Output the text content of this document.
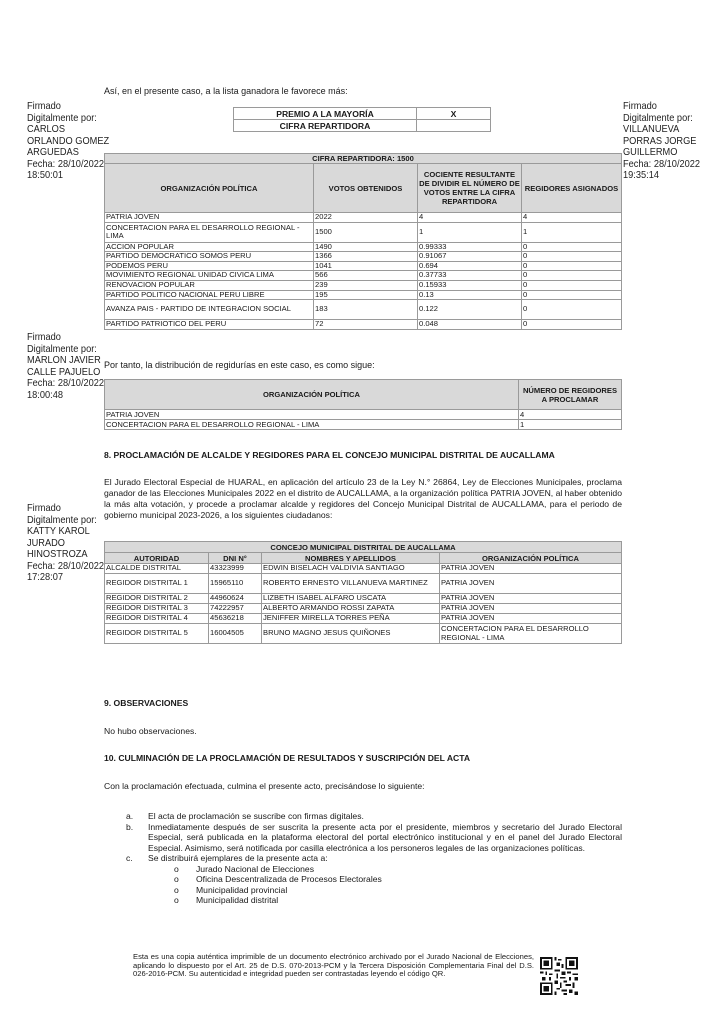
Así, en el presente caso, a la lista ganadora le favorece más:
PREMIO A LA MAYORÍA	X
CIFRA REPARTIDORA	
Firmado
Digitalmente por:
CARLOS
ORLANDO GOMEZ
ARGUEDAS
Fecha: 28/10/2022
18:50:01
Firmado
Digitalmente por:
VILLANUEVA
PORRAS JORGE
GUILLERMO
Fecha: 28/10/2022
19:35:14
Firmado
Digitalmente por:
MARLON JAVIER
CALLE PAJUELO
Fecha: 28/10/2022
18:00:48
Firmado
Digitalmente por:
KATTY KAROL
JURADO
HINOSTROZA
Fecha: 28/10/2022
17:28:07
CIFRA REPARTIDORA: 1500			
ORGANIZACIÓN POLÍTICA	VOTOS OBTENIDOS	COCIENTE RESULTANTE DE DIVIDIR EL NÚMERO DE VOTOS ENTRE LA CIFRA REPARTIDORA	REGIDORES ASIGNADOS
PATRIA JOVEN	2022	4	4
CONCERTACION PARA EL DESARROLLO REGIONAL - LIMA	1500	1	1
ACCION POPULAR	1490	0.99333	0
PARTIDO DEMOCRATICO SOMOS PERU	1366	0.91067	0
PODEMOS PERU	1041	0.694	0
MOVIMIENTO REGIONAL UNIDAD CIVICA LIMA	566	0.37733	0
RENOVACION POPULAR	239	0.15933	0
PARTIDO POLITICO NACIONAL PERU LIBRE	195	0.13	0
AVANZA PAIS - PARTIDO DE INTEGRACION SOCIAL	183	0.122	0
PARTIDO PATRIOTICO DEL PERU	72	0.048	0
Por tanto, la distribución de regidurías en este caso, es como sigue:
ORGANIZACIÓN POLÍTICA	NÚMERO DE REGIDORES A PROCLAMAR
PATRIA JOVEN	4
CONCERTACION PARA EL DESARROLLO REGIONAL - LIMA	1
8. PROCLAMACIÓN DE ALCALDE Y REGIDORES PARA EL CONCEJO MUNICIPAL DISTRITAL DE AUCALLAMA
El Jurado Electoral Especial de HUARAL, en aplicación del artículo 23 de la Ley N.° 26864, Ley de Elecciones Municipales, proclama ganador de las Elecciones Municipales 2022 en el distrito de AUCALLAMA, a la organización política PATRIA JOVEN, al haber obtenido la más alta votación, y procede a proclamar alcalde y regidores del Concejo Municipal Distrital de AUCALLAMA, para el periodo de gobierno municipal 2023-2026, a los siguientes ciudadanos:
CONCEJO MUNICIPAL DISTRITAL DE AUCALLAMA			
AUTORIDAD	DNI N°	NOMBRES Y APELLIDOS	ORGANIZACIÓN POLÍTICA
ALCALDE DISTRITAL	43323999	EDWIN BISELACH VALDIVIA SANTIAGO	PATRIA JOVEN
REGIDOR DISTRITAL 1	15965110	ROBERTO ERNESTO VILLANUEVA MARTINEZ	PATRIA JOVEN
REGIDOR DISTRITAL 2	44960624	LIZBETH ISABEL ALFARO USCATA	PATRIA JOVEN
REGIDOR DISTRITAL 3	74222957	ALBERTO ARMANDO ROSSI ZAPATA	PATRIA JOVEN
REGIDOR DISTRITAL 4	45636218	JENIFFER MIRELLA TORRES PEÑA	PATRIA JOVEN
REGIDOR DISTRITAL 5	16004505	BRUNO MAGNO JESUS QUIÑONES	CONCERTACION PARA EL DESARROLLO REGIONAL - LIMA
9. OBSERVACIONES
No hubo observaciones.
10. CULMINACIÓN DE LA PROCLAMACIÓN DE RESULTADOS Y SUSCRIPCIÓN DEL ACTA
Con la proclamación efectuada, culmina el presente acto, precisándose lo siguiente:
a.	El acta de proclamación se suscribe con firmas digitales.
b.	Inmediatamente después de ser suscrita la presente acta por el presidente, miembros y secretario del Jurado Electoral Especial, será publicada en la plataforma electoral del portal electrónico institucional y en el panel del Jurado Electoral Especial. Asimismo, será notificada por casilla electrónica a los personeros legales de las organizaciones políticas.
c.	Se distribuirá ejemplares de la presente acta a:
o	Jurado Nacional de Elecciones
o	Oficina Descentralizada de Procesos Electorales
o	Municipalidad provincial
o	Municipalidad distrital
Esta es una copia auténtica imprimible de un documento electrónico archivado por el Jurado Nacional de Elecciones, aplicando lo dispuesto por el Art. 25 de D.S. 070-2013-PCM y la Tercera Disposición Complementaria Final del D.S. 026-2016-PCM. Su autenticidad e integridad pueden ser contrastadas leyendo el código QR.
